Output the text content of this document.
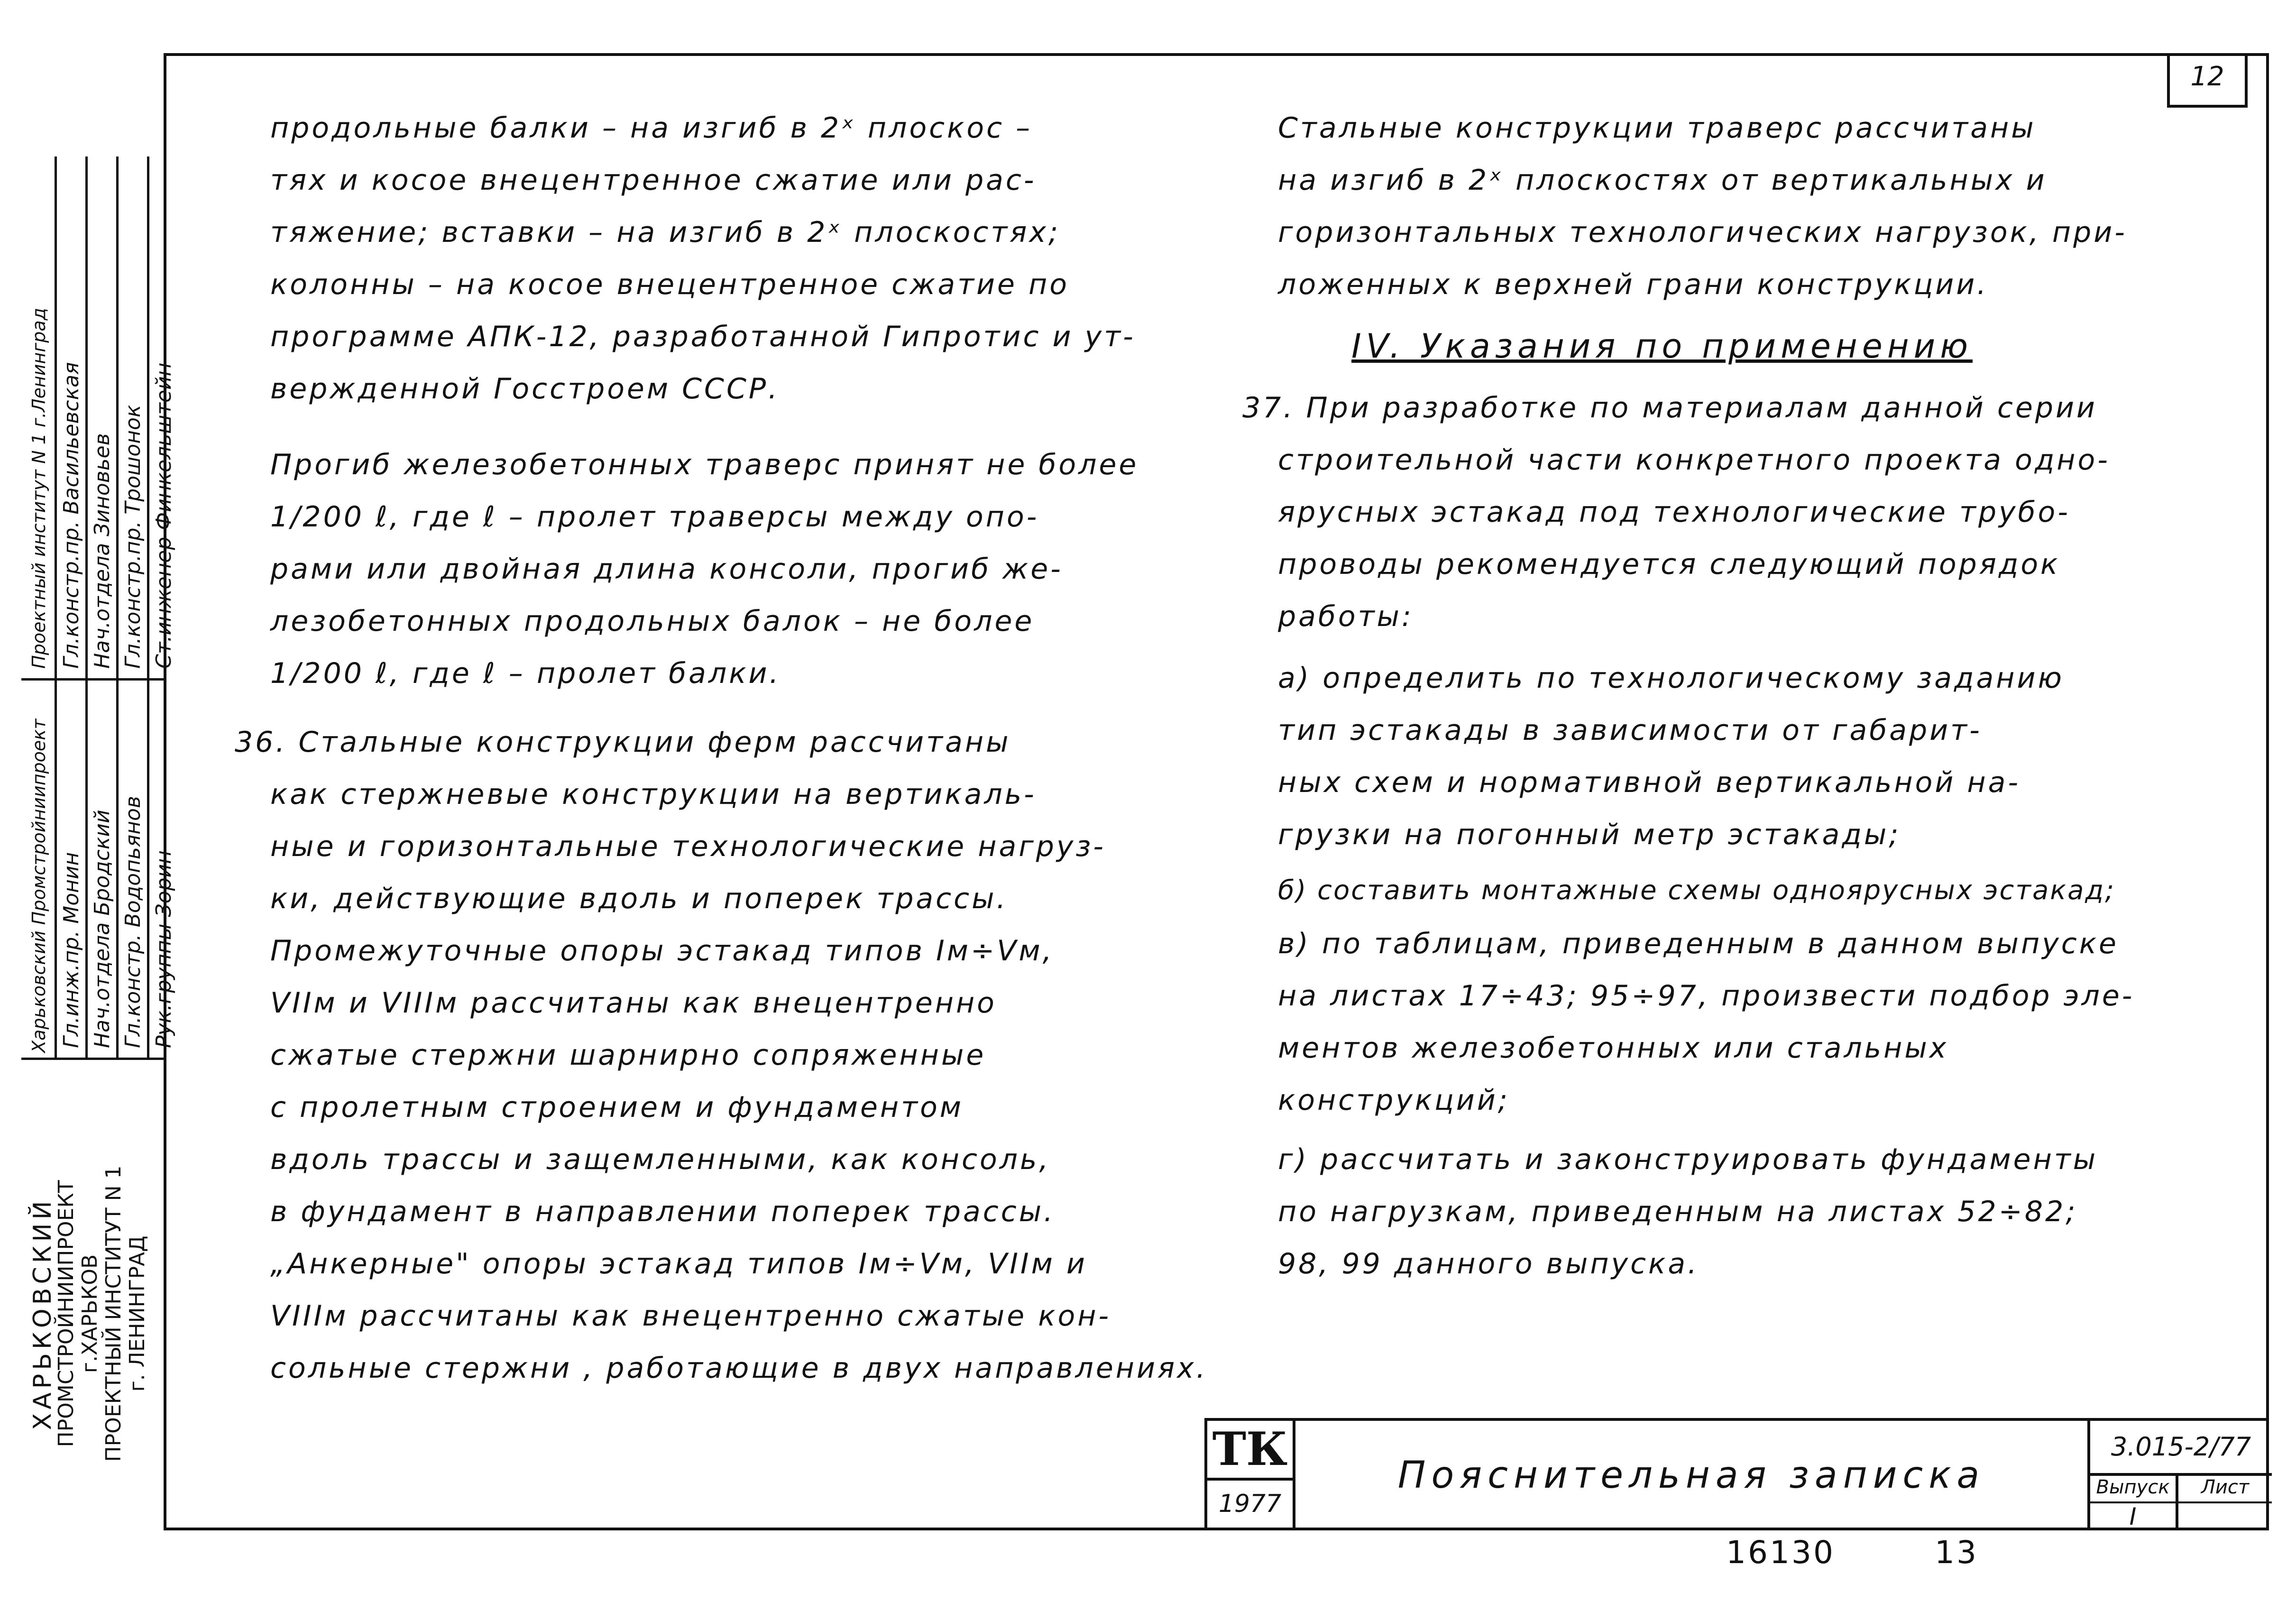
12
продольные балки – на изгиб в 2ˣ плоскос –
тях и косое внецентренное сжатие или рас-
тяжение; вставки – на изгиб в 2ˣ плоскостях;
колонны – на косое внецентренное сжатие по
программе АПК-12, разработанной Гипротис и ут-
вержденной Госстроем СССР.
Прогиб железобетонных траверс принят не более
1/200 ℓ, где ℓ – пролет траверсы между опо-
рами или двойная длина консоли, прогиб же-
лезобетонных продольных балок – не более
1/200 ℓ, где ℓ – пролет балки.
36. Стальные конструкции ферм рассчитаны
как стержневые конструкции на вертикаль-
ные и горизонтальные технологические нагруз-
ки, действующие вдоль и поперек трассы.
Промежуточные опоры эстакад типов Iм÷Vм,
VIIм и VIIIм рассчитаны как внецентренно
сжатые стержни шарнирно сопряженные
с пролетным строением и фундаментом
вдоль трассы и защемленными, как консоль,
в фундамент в направлении поперек трассы.
„Анкерные" опоры эстакад типов Iм÷Vм, VIIм и
VIIIм рассчитаны как внецентренно сжатые кон-
сольные стержни , работающие в двух направлениях.
Стальные конструкции траверс рассчитаны
на изгиб в 2ˣ плоскостях от вертикальных и
горизонтальных технологических нагрузок, при-
ложенных к верхней грани конструкции.
IV. Указания по применению
37. При разработке по материалам данной серии
строительной части конкретного проекта одно-
ярусных эстакад под технологические трубо-
проводы рекомендуется следующий порядок
работы:
а) определить по технологическому заданию
тип эстакады в зависимости от габарит-
ных схем и нормативной вертикальной на-
грузки на погонный метр эстакады;
б) составить монтажные схемы одноярусных эстакад;
в) по таблицам, приведенным в данном выпуске
на листах 17÷43; 95÷97, произвести подбор эле-
ментов железобетонных или стальных
конструкций;
г) рассчитать и законструировать фундаменты
по нагрузкам, приведенным на листах 52÷82;
98, 99 данного выпуска.
ТК
1977
Пояснительная записка
3.015-2/77
Выпуск	Лист
I
ХАРЬКОВСКИЙ
ПРОМСТРОЙНИИПРОЕКТ г.ХАРЬКОВ ПРОЕКТНЫЙ ИНСТИТУТ N 1 г. ЛЕНИНГРАД
Харьковский Промстройниипроект Гл.инж.пр. Монин
Нач.отдела Бродский
Гл.констр. Водопьянов
Рук.группы Зорин
Проектный институт N 1 г.Ленинград Гл.констр.пр. Васильевская
Нач.отдела Зиновьев
Гл.констр.пр. Трошонок
Ст.инженер Финкельштейн
16130	13
